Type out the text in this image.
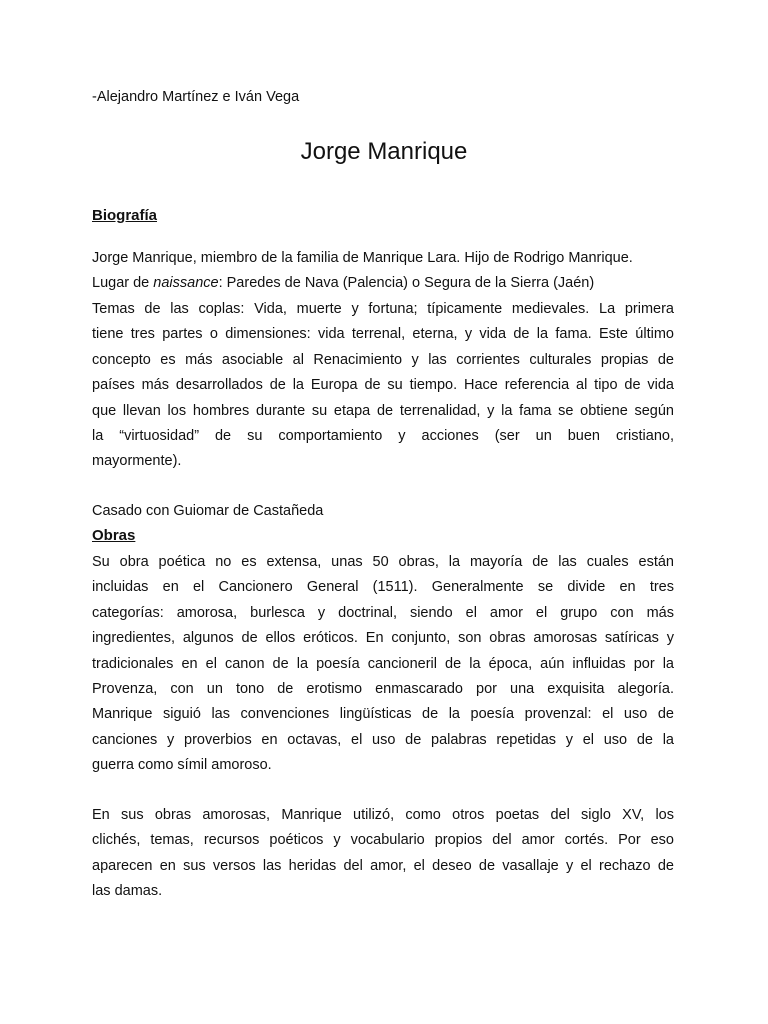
-Alejandro Martínez e Iván Vega
Jorge Manrique
Biografía
Jorge Manrique, miembro de la familia de Manrique Lara. Hijo de Rodrigo Manrique.
Lugar de naissance: Paredes de Nava (Palencia) o Segura de la Sierra (Jaén)
Temas de las coplas: Vida, muerte y fortuna; típicamente medievales. La primera
tiene tres partes o dimensiones: vida terrenal, eterna, y vida de la fama. Este último
concepto es más asociable al Renacimiento y las corrientes culturales propias de
países más desarrollados de la Europa de su tiempo. Hace referencia al tipo de vida
que llevan los hombres durante su etapa de terrenalidad, y la fama se obtiene según
la “virtuosidad” de su comportamiento y acciones (ser un buen cristiano,
mayormente).
Casado con Guiomar de Castañeda
Obras
Su obra poética no es extensa, unas 50 obras, la mayoría de las cuales están
incluidas en el Cancionero General (1511). Generalmente se divide en tres
categorías: amorosa, burlesca y doctrinal, siendo el amor el grupo con más
ingredientes, algunos de ellos eróticos. En conjunto, son obras amorosas satíricas y
tradicionales en el canon de la poesía cancioneril de la época, aún influidas por la
Provenza, con un tono de erotismo enmascarado por una exquisita alegoría.
Manrique siguió las convenciones lingüísticas de la poesía provenzal: el uso de
canciones y proverbios en octavas, el uso de palabras repetidas y el uso de la
guerra como símil amoroso.
En sus obras amorosas, Manrique utilizó, como otros poetas del siglo XV, los
clichés, temas, recursos poéticos y vocabulario propios del amor cortés. Por eso
aparecen en sus versos las heridas del amor, el deseo de vasallaje y el rechazo de
las damas.
